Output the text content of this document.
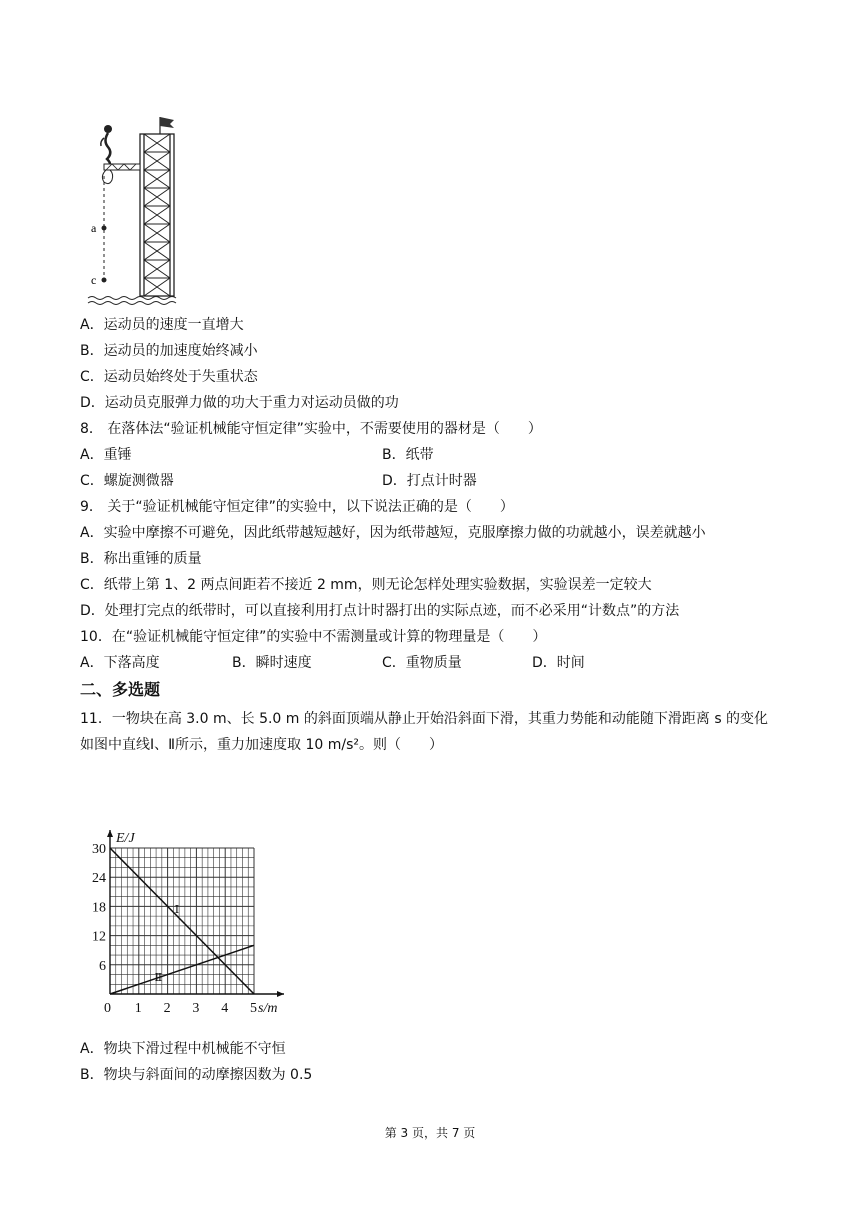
a
c
A．运动员的速度一直增大
B．运动员的加速度始终减小
C．运动员始终处于失重状态
D．运动员克服弹力做的功大于重力对运动员做的功
8． 在落体法“验证机械能守恒定律”实验中，不需要使用的器材是（　　）
A．重锤	B．纸带
C．螺旋测微器	D．打点计时器
9． 关于“验证机械能守恒定律”的实验中，以下说法正确的是（　　）
A．实验中摩擦不可避免，因此纸带越短越好，因为纸带越短，克服摩擦力做的功就越小，误差就越小
B．称出重锤的质量
C．纸带上第 1、2 两点间距若不接近 2 mm，则无论怎样处理实验数据，实验误差一定较大
D．处理打完点的纸带时，可以直接利用打点计时器打出的实际点迹，而不必采用“计数点”的方法
10．在“验证机械能守恒定律”的实验中不需测量或计算的物理量是（　　）
A．下落高度	B．瞬时速度	C．重物质量	D．时间
二、多选题
11．一物块在高 3.0 m、长 5.0 m 的斜面顶端从静止开始沿斜面下滑，其重力势能和动能随下滑距离 s 的变化
如图中直线Ⅰ、Ⅱ所示，重力加速度取 10 m/s²。则（　　）
Ⅰ
Ⅱ
0 1 2 3 4 5
6
12
18
24
30
s/m
E/J
A．物块下滑过程中机械能不守恒
B．物块与斜面间的动摩擦因数为 0.5
第 3 页，共 7 页
